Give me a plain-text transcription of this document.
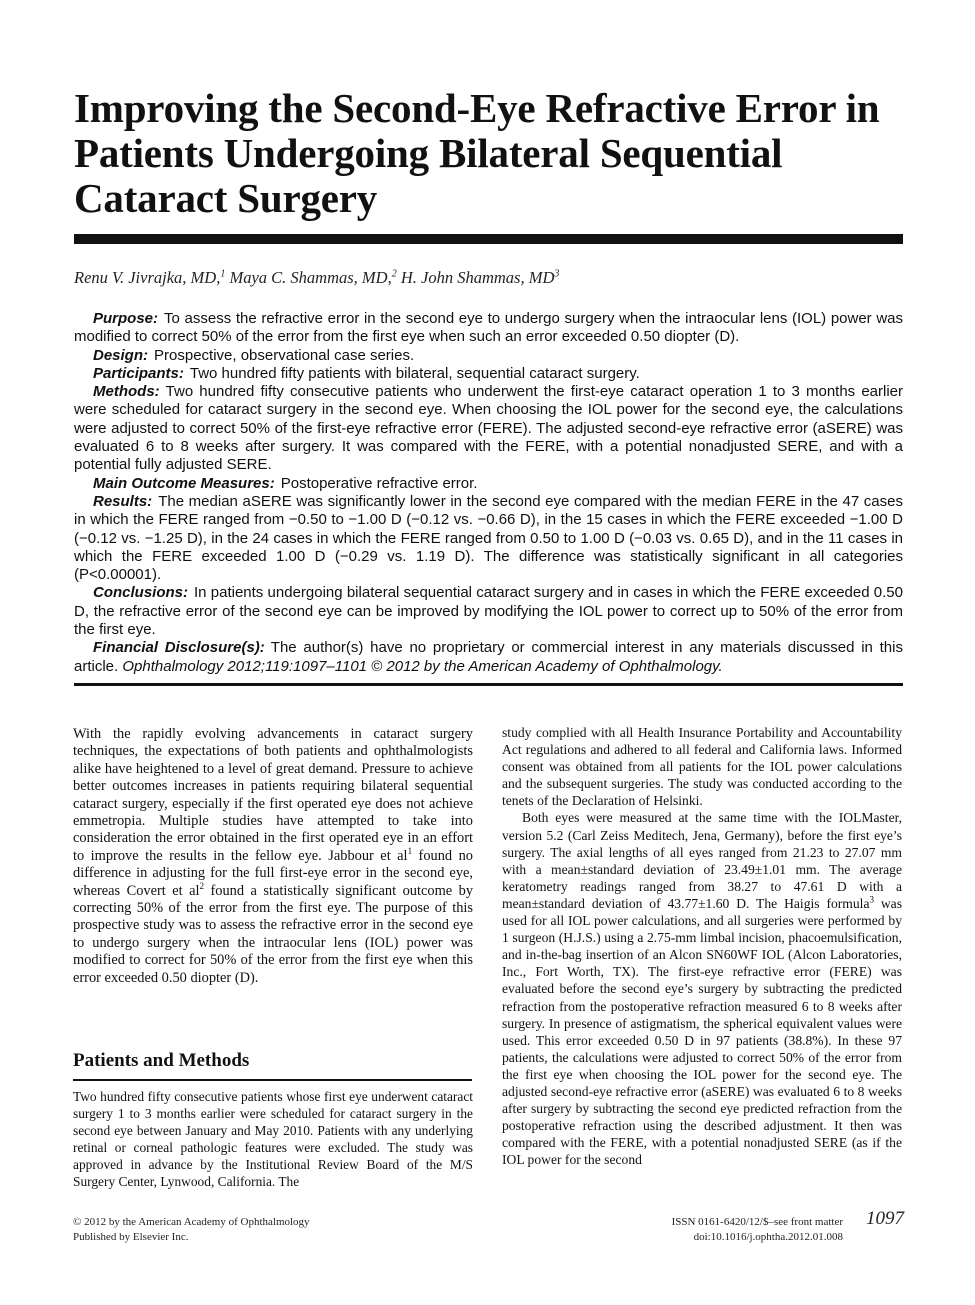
Improving the Second-Eye Refractive Error in Patients Undergoing Bilateral Sequential Cataract Surgery
Renu V. Jivrajka, MD,$^1$ Maya C. Shammas, MD,$^2$ H. John Shammas, $MD^3$

Purpose: To assess the refractive error in the second eye to undergo surgery when the intraocular lens (IOL) power was modified to correct 50% of the error from the first eye when such an error exceeded 0.50 diopter (D).

Design: Prospective, observational case series.

Participants: Two hundred fifty patients with bilateral, sequential cataract surgery.

Methods: Two hundred fifty consecutive patients who underwent the first-eye cataract operation 1 to 3 months earlier were scheduled for cataract surgery in the second eye. When choosing the IOL power for the second eye, the calculations were adjusted to correct 50% of the first-eye refractive error (FERE). The adjusted second-eye refractive error (aSERE) was evaluated 6 to 8 weeks after surgery. It was compared with the FERE, with a potential nonadjusted SERE, and with a potential fully adjusted SERE.

Main Outcome Measures: Postoperative refractive error.

Results: The median aSERE was significantly lower in the second eye compared with the median FERE in the 47 cases in which the FERE ranged from −0.50 to −1.00 D (−0.12 vs. −0.66 D), in the 15 cases in which the FERE exceeded −1.00 D (−0.12 vs. −1.25 D), in the 24 cases in which the FERE ranged from 0.50 to 1.00 D (−0.03 vs. 0.65 D), and in the 11 cases in which the FERE exceeded 1.00 D (−0.29 vs. 1.19 D). The difference was statistically significant in all categories (P<0.00001).

Conclusions: In patients undergoing bilateral sequential cataract surgery and in cases in which the FERE exceeded 0.50 D, the refractive error of the second eye can be improved by modifying the IOL power to correct up to 50% of the error from the first eye.

Financial Disclosure(s): The author(s) have no proprietary or commercial interest in any materials discussed in this article. Ophthalmology 2012;119:1097–1101 © 2012 by the American Academy of Ophthalmology.

With the rapidly evolving advancements in cataract surgery techniques, the expectations of both patients and ophthalmologists alike have heightened to a level of great demand. Pressure to achieve better outcomes increases in patients requiring bilateral sequential cataract surgery, especially if the first operated eye does not achieve emmetropia. Multiple studies have attempted to take into consideration the error obtained in the first operated eye in an effort to improve the results in the fellow eye. Jabbour et $al^1$ found no difference in adjusting for the full first-eye error in the second eye, whereas Covert et $al^2$ found a statistically significant outcome by correcting 50% of the error from the first eye. The purpose of this prospective study was to assess the refractive error in the second eye to undergo surgery when the intraocular lens (IOL) power was modified to correct for 50% of the error from the first eye when this error exceeded 0.50 diopter (D).

Patients and Methods

Two hundred fifty consecutive patients whose first eye underwent cataract surgery 1 to 3 months earlier were scheduled for cataract surgery in the second eye between January and May 2010. Patients with any underlying retinal or corneal pathologic features were excluded. The study was approved in advance by the Institutional Review Board of the M/S Surgery Center, Lynwood, California. The

study complied with all Health Insurance Portability and Accountability Act regulations and adhered to all federal and California laws. Informed consent was obtained from all patients for the IOL power calculations and the subsequent surgeries. The study was conducted according to the tenets of the Declaration of Helsinki.

Both eyes were measured at the same time with the IOLMaster, version 5.2 (Carl Zeiss Meditech, Jena, Germany), before the first eye’s surgery. The axial lengths of all eyes ranged from 21.23 to 27.07 mm with a mean±standard deviation of 23.49±1.01 mm. The average keratometry readings ranged from 38.27 to 47.61 D with a mean±standard deviation of 43.77±1.60 D. The Haigis formula$^3$ was used for all IOL power calculations, and all surgeries were performed by 1 surgeon (H.J.S.) using a 2.75-mm limbal incision, phacoemulsification, and in-the-bag insertion of an Alcon SN60WF IOL (Alcon Laboratories, Inc., Fort Worth, TX). The first-eye refractive error (FERE) was evaluated before the second eye’s surgery by subtracting the predicted refraction from the postoperative refraction measured 6 to 8 weeks after surgery. In presence of astigmatism, the spherical equivalent values were used. This error exceeded 0.50 D in 97 patients (38.8%). In these 97 patients, the calculations were adjusted to correct 50% of the error from the first eye when choosing the IOL power for the second eye. The adjusted second-eye refractive error (aSERE) was evaluated 6 to 8 weeks after surgery by subtracting the second eye predicted refraction from the postoperative refraction using the described adjustment. It then was compared with the FERE, with a potential nonadjusted SERE (as if the IOL power for the second

© 2012 by the American Academy of Ophthalmology
Published by Elsevier Inc.
ISSN 0161-6420/12/$–see front matter
doi:10.1016/j.ophtha.2012.01.008
1097
